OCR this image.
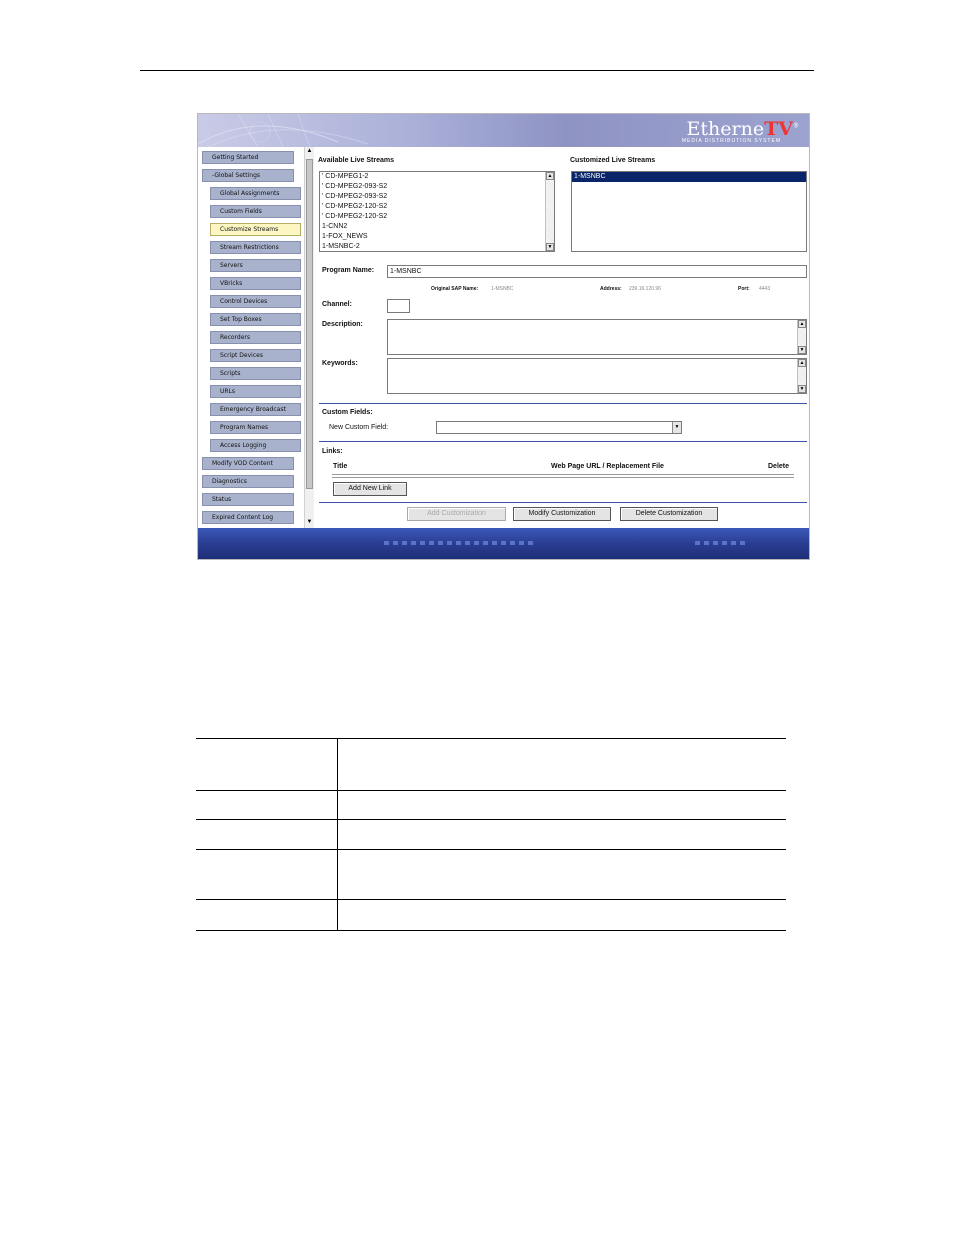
EtherneTV®
MEDIA DISTRIBUTION SYSTEM
Getting Started
-Global Settings
Global Assignments
Custom Fields
Customize Streams
Stream Restrictions
Servers
VBricks
Control Devices
Set Top Boxes
Recorders
Script Devices
Scripts
URLs
Emergency Broadcast
Program Names
Access Logging
Modify VOD Content
Diagnostics
Status
Expired Content Log
▲
▼
Available Live Streams
' CD-MPEG1-2
' CD-MPEG2-093-S2
' CD-MPEG2-093-S2
' CD-MPEG2-120-S2
' CD-MPEG2-120-S2
1-CNN2
1-FOX_NEWS
1-MSNBC-2
▲
▼
Customized Live Streams
1-MSNBC
Program Name:	1-MSNBC
Original SAP Name:	1-MSNBC	Address: 239.16.120.96	Port: 4443
Channel:
Description:	▲
▼
Keywords:	▲
▼
Custom Fields:
New Custom Field:	▼
Links:
Title	Web Page URL / Replacement File	Delete
Add New Link
Add Customization	Modify Customization	Delete Customization
